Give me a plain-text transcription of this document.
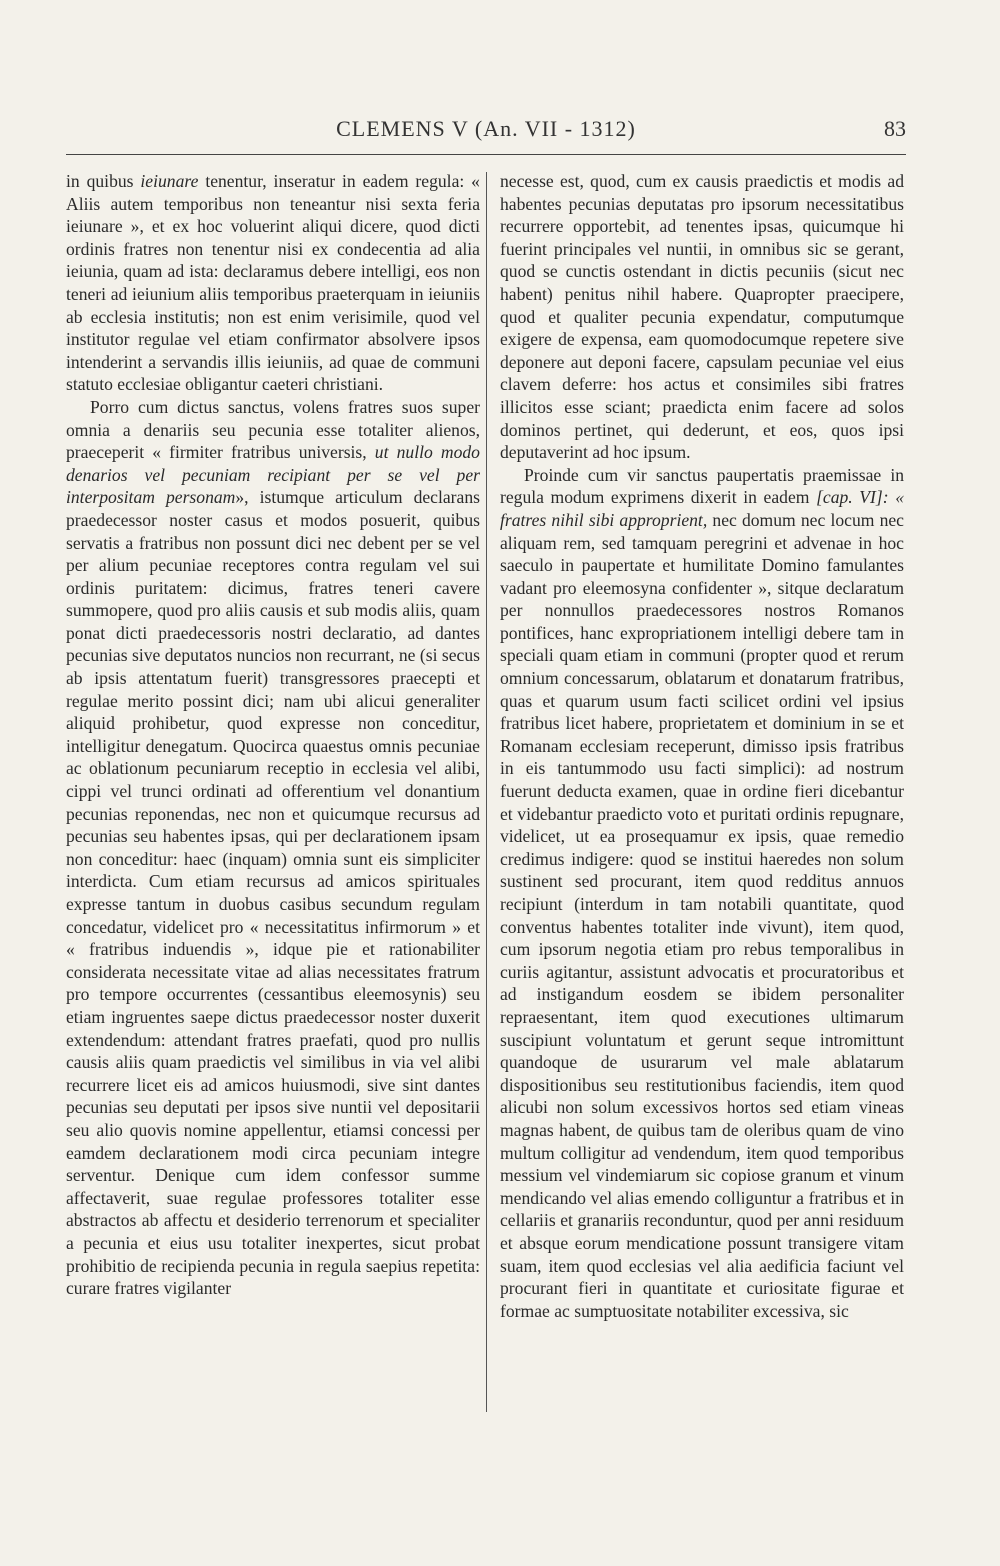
CLEMENS V (An. VII - 1312)	83

in quibus ieiunare tenentur, inseratur in eadem regula: « Aliis autem temporibus non teneantur nisi sexta feria ieiunare », et ex hoc voluerint aliqui dicere, quod dicti ordinis fratres non tenentur nisi ex condecentia ad alia ieiunia, quam ad ista: declaramus debere intelligi, eos non teneri ad ieiunium aliis temporibus praeterquam in ieiuniis ab ecclesia institutis; non est enim verisimile, quod vel institutor regulae vel etiam confirmator absolvere ipsos intenderint a servandis illis ieiuniis, ad quae de communi statuto ecclesiae obligantur caeteri christiani.

Porro cum dictus sanctus, volens fratres suos super omnia a denariis seu pecunia esse totaliter alienos, praeceperit « firmiter fratribus universis, ut nullo modo denarios vel pecuniam recipiant per se vel per interpositam personam», istumque articulum declarans praedecessor noster casus et modos posuerit, quibus servatis a fratribus non possunt dici nec debent per se vel per alium pecuniae receptores contra regulam vel sui ordinis puritatem: dicimus, fratres teneri cavere summopere, quod pro aliis causis et sub modis aliis, quam ponat dicti praedecessoris nostri declaratio, ad dantes pecunias sive deputatos nuncios non recurrant, ne (si secus ab ipsis attentatum fuerit) transgressores praecepti et regulae merito possint dici; nam ubi alicui generaliter aliquid prohibetur, quod expresse non conceditur, intelligitur denegatum. Quocirca quaestus omnis pecuniae ac oblationum pecuniarum receptio in ecclesia vel alibi, cippi vel trunci ordinati ad offerentium vel donantium pecunias reponendas, nec non et quicumque recursus ad pecunias seu habentes ipsas, qui per declarationem ipsam non conceditur: haec (inquam) omnia sunt eis simpliciter interdicta. Cum etiam recursus ad amicos spirituales expresse tantum in duobus casibus secundum regulam concedatur, videlicet pro « necessitatitus infirmorum » et « fratribus induendis », idque pie et rationabiliter considerata necessitate vitae ad alias necessitates fratrum pro tempore occurrentes (cessantibus eleemosynis) seu etiam ingruentes saepe dictus praedecessor noster duxerit extendendum: attendant fratres praefati, quod pro nullis causis aliis quam praedictis vel similibus in via vel alibi recurrere licet eis ad amicos huiusmodi, sive sint dantes pecunias seu deputati per ipsos sive nuntii vel depositarii seu alio quovis nomine appellentur, etiamsi concessi per eamdem declarationem modi circa pecuniam integre serventur. Denique cum idem confessor summe affectaverit, suae regulae professores totaliter esse abstractos ab affectu et desiderio terrenorum et specialiter a pecunia et eius usu totaliter inexpertes, sicut probat prohibitio de recipienda pecunia in regula saepius repetita: curare fratres vigilanter

necesse est, quod, cum ex causis praedictis et modis ad habentes pecunias deputatas pro ipsorum necessitatibus recurrere opportebit, ad tenentes ipsas, quicumque hi fuerint principales vel nuntii, in omnibus sic se gerant, quod se cunctis ostendant in dictis pecuniis (sicut nec habent) penitus nihil habere. Quapropter praecipere, quod et qualiter pecunia expendatur, computumque exigere de expensa, eam quomodocumque repetere sive deponere aut deponi facere, capsulam pecuniae vel eius clavem deferre: hos actus et consimiles sibi fratres illicitos esse sciant; praedicta enim facere ad solos dominos pertinet, qui dederunt, et eos, quos ipsi deputaverint ad hoc ipsum.

Proinde cum vir sanctus paupertatis praemissae in regula modum exprimens dixerit in eadem [cap. VI]: « fratres nihil sibi approprient, nec domum nec locum nec aliquam rem, sed tamquam peregrini et advenae in hoc saeculo in paupertate et humilitate Domino famulantes vadant pro eleemosyna confidenter », sitque declaratum per nonnullos praedecessores nostros Romanos pontifices, hanc expropriationem intelligi debere tam in speciali quam etiam in communi (propter quod et rerum omnium concessarum, oblatarum et donatarum fratribus, quas et quarum usum facti scilicet ordini vel ipsius fratribus licet habere, proprietatem et dominium in se et Romanam ecclesiam receperunt, dimisso ipsis fratribus in eis tantummodo usu facti simplici): ad nostrum fuerunt deducta examen, quae in ordine fieri dicebantur et videbantur praedicto voto et puritati ordinis repugnare, videlicet, ut ea prosequamur ex ipsis, quae remedio credimus indigere: quod se institui haeredes non solum sustinent sed procurant, item quod redditus annuos recipiunt (interdum in tam notabili quantitate, quod conventus habentes totaliter inde vivunt), item quod, cum ipsorum negotia etiam pro rebus temporalibus in curiis agitantur, assistunt advocatis et procuratoribus et ad instigandum eosdem se ibidem personaliter repraesentant, item quod executiones ultimarum suscipiunt voluntatum et gerunt seque intromittunt quandoque de usurarum vel male ablatarum dispositionibus seu restitutionibus faciendis, item quod alicubi non solum excessivos hortos sed etiam vineas magnas habent, de quibus tam de oleribus quam de vino multum colligitur ad vendendum, item quod temporibus messium vel vindemiarum sic copiose granum et vinum mendicando vel alias emendo colliguntur a fratribus et in cellariis et granariis reconduntur, quod per anni residuum et absque eorum mendicatione possunt transigere vitam suam, item quod ecclesias vel alia aedificia faciunt vel procurant fieri in quantitate et curiositate figurae et formae ac sumptuositate notabiliter excessiva, sic
